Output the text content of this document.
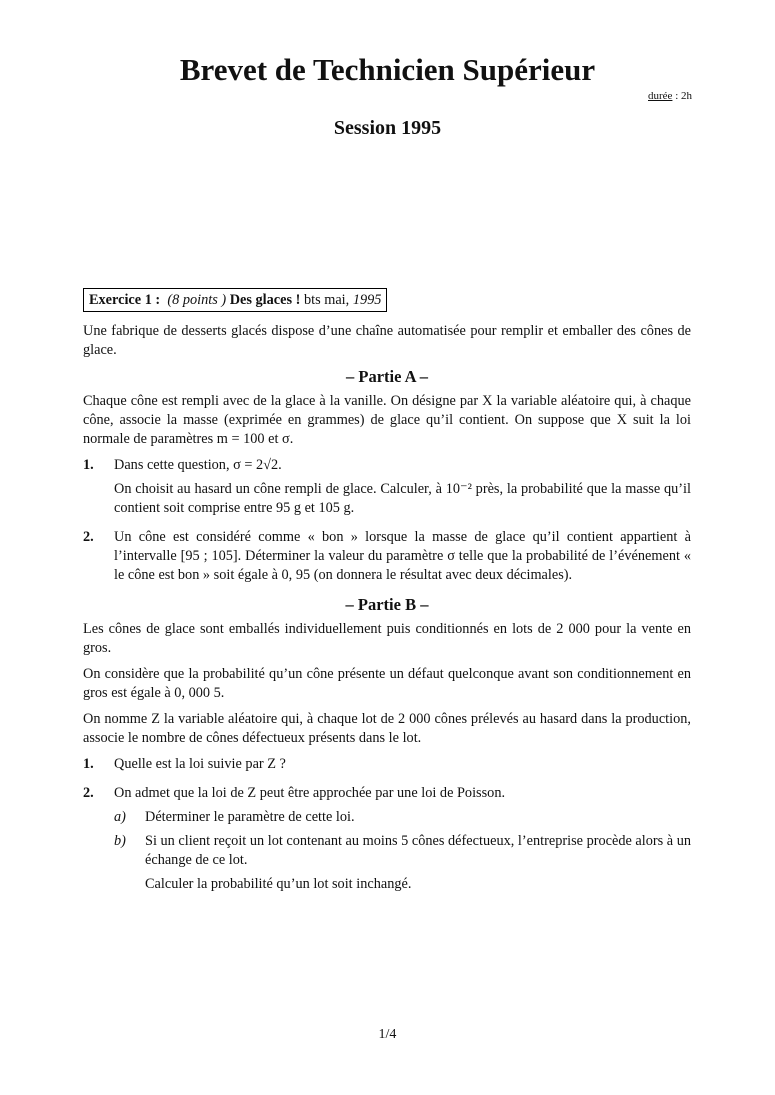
Brevet de Technicien Supérieur
durée : 2h
Session 1995
Exercice 1 : (8 points ) Des glaces ! bts mai, 1995

Une fabrique de desserts glacés dispose d’une chaîne automatisée pour remplir et emballer des cônes de glace.

– Partie A –

Chaque cône est rempli avec de la glace à la vanille. On désigne par X la variable aléatoire qui, à chaque cône, associe la masse (exprimée en grammes) de glace qu’il contient. On suppose que X suit la loi normale de paramètres m = 100 et σ.

1.	Dans cette question, σ = 2√2.

On choisit au hasard un cône rempli de glace. Calculer, à 10⁻² près, la probabilité que la masse qu’il contient soit comprise entre 95 g et 105 g.

2.	Un cône est considéré comme « bon » lorsque la masse de glace qu’il contient appartient à l’intervalle [95 ; 105]. Déterminer la valeur du paramètre σ telle que la probabilité de l’événement « le cône est bon » soit égale à 0, 95 (on donnera le résultat avec deux décimales).

– Partie B –

Les cônes de glace sont emballés individuellement puis conditionnés en lots de 2 000 pour la vente en gros.

On considère que la probabilité qu’un cône présente un défaut quelconque avant son conditionnement en gros est égale à 0, 000 5.

On nomme Z la variable aléatoire qui, à chaque lot de 2 000 cônes prélevés au hasard dans la production, associe le nombre de cônes défectueux présents dans le lot.

1.	Quelle est la loi suivie par Z ?

2.	On admet que la loi de Z peut être approchée par une loi de Poisson.

a)	Déterminer le paramètre de cette loi.
b)	Si un client reçoit un lot contenant au moins 5 cônes défectueux, l’entreprise procède alors à un échange de ce lot.

Calculer la probabilité qu’un lot soit inchangé.

1/4
